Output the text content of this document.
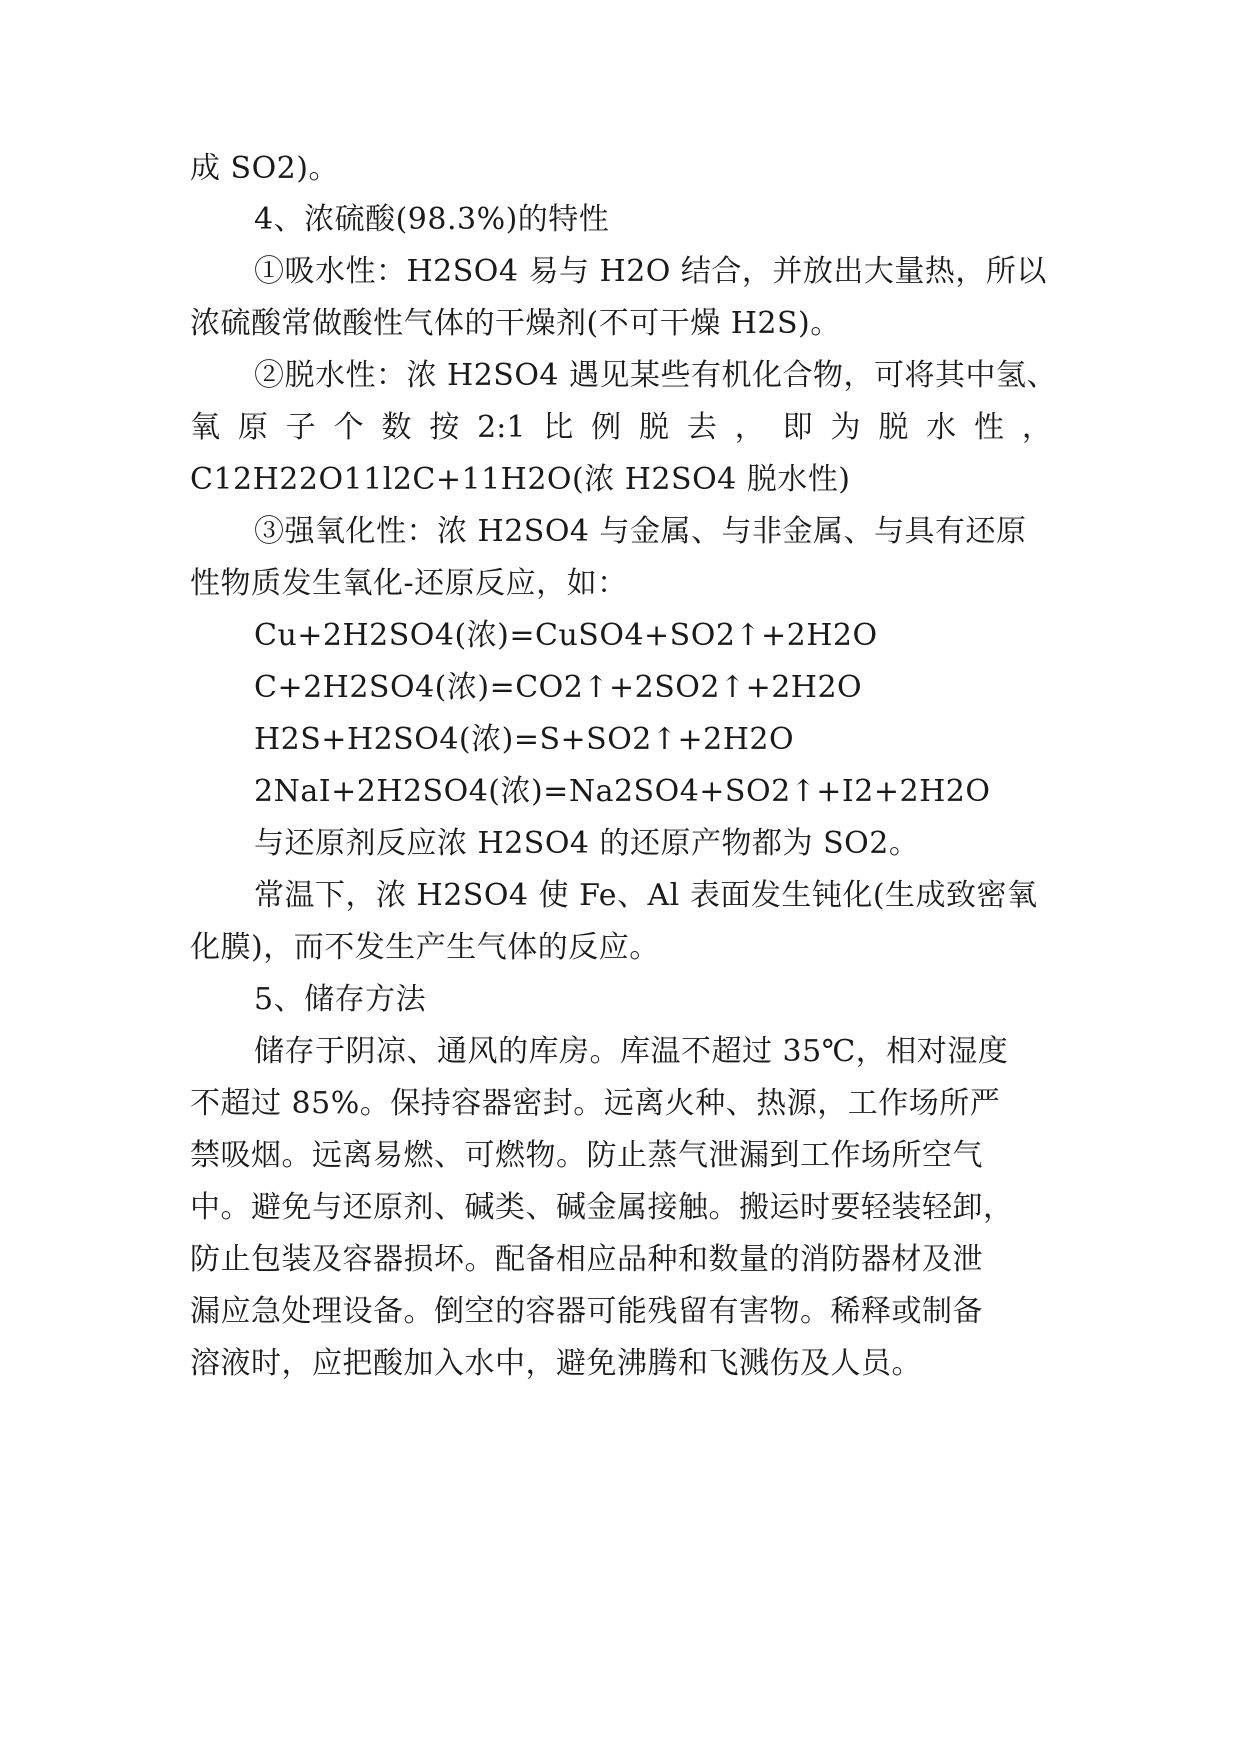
成 SO2)。
4、浓硫酸(98.3%)的特性
①吸水性：H2SO4 易与 H2O 结合，并放出大量热，所以
浓硫酸常做酸性气体的干燥剂(不可干燥 H2S)。
②脱水性：浓 H2SO4 遇见某些有机化合物，可将其中氢、
氧 原 子 个 数 按 2:1 比 例 脱 去 ， 即 为 脱 水 性 ，
C12H22O11l2C+11H2O(浓 H2SO4 脱水性)
③强氧化性：浓 H2SO4 与金属、与非金属、与具有还原
性物质发生氧化-还原反应，如：
Cu+2H2SO4(浓)=CuSO4+SO2↑+2H2O
C+2H2SO4(浓)=CO2↑+2SO2↑+2H2O
H2S+H2SO4(浓)=S+SO2↑+2H2O
2NaI+2H2SO4(浓)=Na2SO4+SO2↑+I2+2H2O
与还原剂反应浓 H2SO4 的还原产物都为 SO2。
常温下，浓 H2SO4 使 Fe、Al 表面发生钝化(生成致密氧
化膜)，而不发生产生气体的反应。
5、储存方法
储存于阴凉、通风的库房。库温不超过 35℃，相对湿度
不超过 85%。保持容器密封。远离火种、热源，工作场所严
禁吸烟。远离易燃、可燃物。防止蒸气泄漏到工作场所空气
中。避免与还原剂、碱类、碱金属接触。搬运时要轻装轻卸，
防止包装及容器损坏。配备相应品种和数量的消防器材及泄
漏应急处理设备。倒空的容器可能残留有害物。稀释或制备
溶液时，应把酸加入水中，避免沸腾和飞溅伤及人员。
